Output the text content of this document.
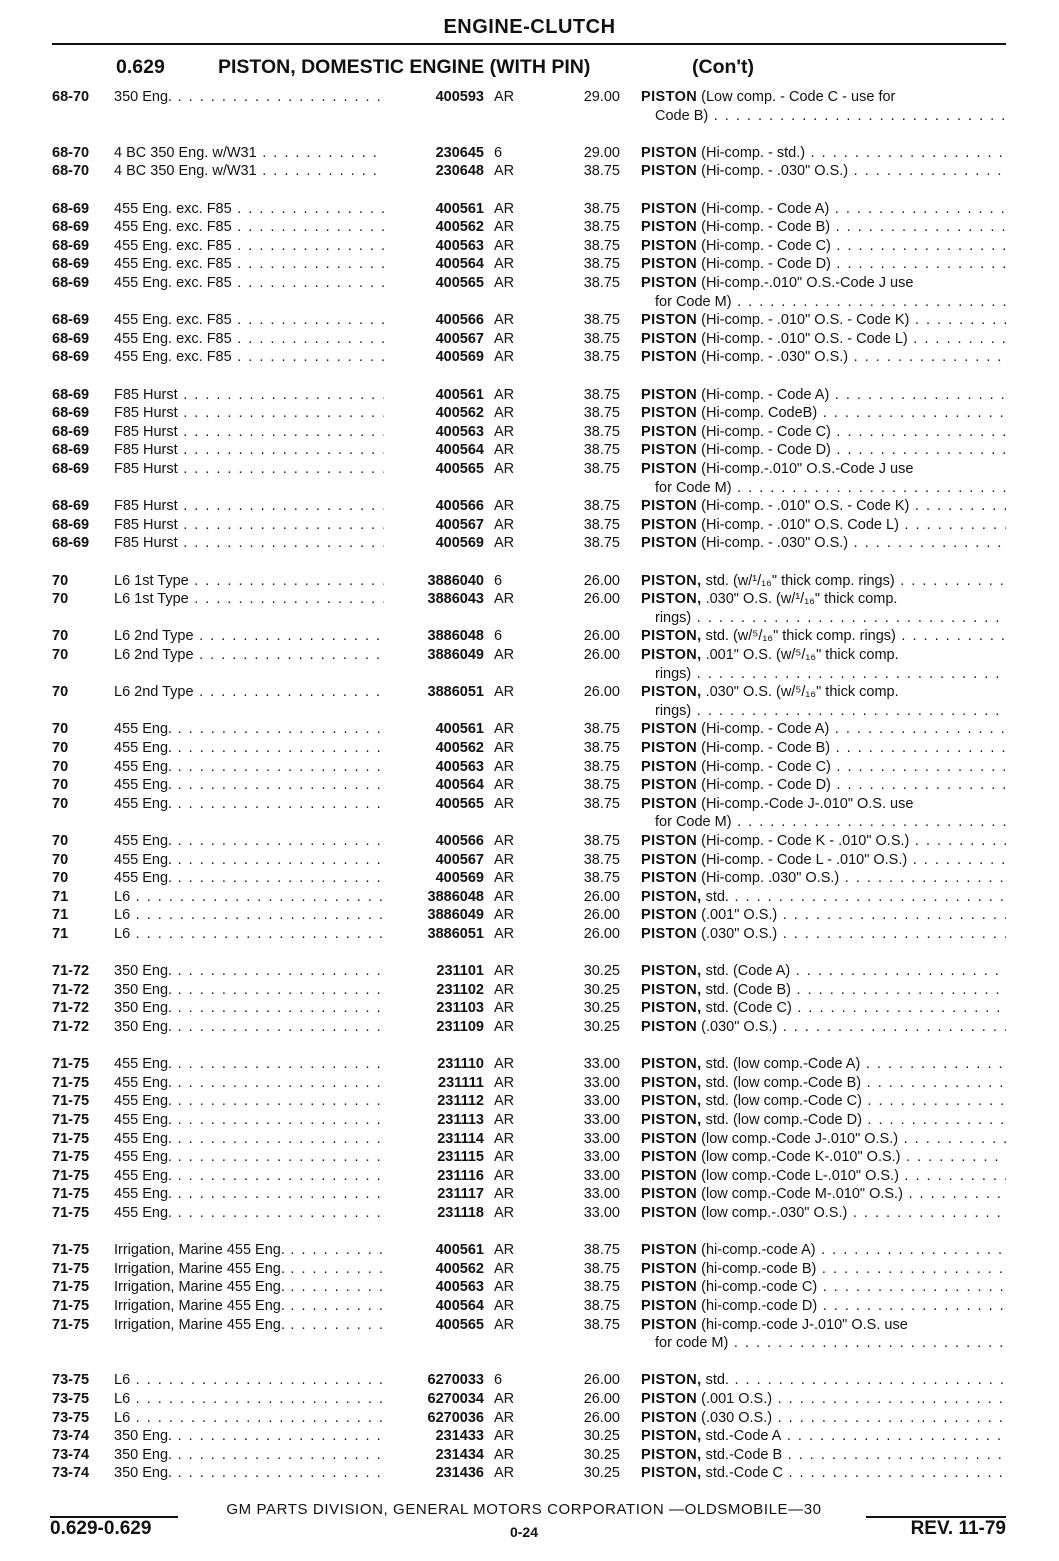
ENGINE-CLUTCH
0.629	PISTON, DOMESTIC ENGINE (WITH PIN)	(Con't)
68-70	350 Eng. . . .	400593 AR	29.00 PISTON (Low comp. - Code C - use for
Code B) . . .
68-70	4 BC 350 Eng. w/W31 . . .	230645 6	29.00 PISTON (Hi-comp. - std.) . . .
68-70	4 BC 350 Eng. w/W31 . . .	230648 AR	38.75 PISTON (Hi-comp. - .030" O.S.) . . .
68-69	455 Eng. exc. F85 . . .	400561 AR	38.75 PISTON (Hi-comp. - Code A) . . .
68-69	455 Eng. exc. F85 . . .	400562 AR	38.75 PISTON (Hi-comp. - Code B) . . .
68-69	455 Eng. exc. F85 . . .	400563 AR	38.75 PISTON (Hi-comp. - Code C) . . .
68-69	455 Eng. exc. F85 . . .	400564 AR	38.75 PISTON (Hi-comp. - Code D) . . .
68-69	455 Eng. exc. F85 . . .	400565 AR	38.75 PISTON (Hi-comp.-.010" O.S.-Code J use
for Code M) . . .
68-69	455 Eng. exc. F85 . . .	400566 AR	38.75 PISTON (Hi-comp. - .010" O.S. - Code K) . . .
68-69	455 Eng. exc. F85 . . .	400567 AR	38.75 PISTON (Hi-comp. - .010" O.S. - Code L) . . .
68-69	455 Eng. exc. F85 . . .	400569 AR	38.75 PISTON (Hi-comp. - .030" O.S.) . . .
68-69	F85 Hurst . . .	400561 AR	38.75 PISTON (Hi-comp. - Code A) . . .
68-69	F85 Hurst . . .	400562 AR	38.75 PISTON (Hi-comp. CodeB) . . .
68-69	F85 Hurst . . .	400563 AR	38.75 PISTON (Hi-comp. - Code C) . . .
68-69	F85 Hurst . . .	400564 AR	38.75 PISTON (Hi-comp. - Code D) . . .
68-69	F85 Hurst . . .	400565 AR	38.75 PISTON (Hi-comp.-.010" O.S.-Code J use
for Code M) . . .
68-69	F85 Hurst . . .	400566 AR	38.75 PISTON (Hi-comp. - .010" O.S. - Code K) . . .
68-69	F85 Hurst . . .	400567 AR	38.75 PISTON (Hi-comp. - .010" O.S. Code L) . . .
68-69	F85 Hurst . . .	400569 AR	38.75 PISTON (Hi-comp. - .030" O.S.) . . .
70	L6 1st Type . . .	3886040 6	26.00 PISTON, std. (w/¹/₁₆" thick comp. rings) . . .
70	L6 1st Type . . .	3886043 AR	26.00 PISTON, .030" O.S. (w/¹/₁₆" thick comp.
rings) . . .
70	L6 2nd Type . . .	3886048 6	26.00 PISTON, std. (w/⁵/₁₆" thick comp. rings) . . .
70	L6 2nd Type . . .	3886049 AR	26.00 PISTON, .001" O.S. (w/⁵/₁₆" thick comp.
rings) . . .
70	L6 2nd Type . . .	3886051 AR	26.00 PISTON, .030" O.S. (w/⁵/₁₆" thick comp.
rings) . . .
70	455 Eng. . . .	400561 AR	38.75 PISTON (Hi-comp. - Code A) . . .
70	455 Eng. . . .	400562 AR	38.75 PISTON (Hi-comp. - Code B) . . .
70	455 Eng. . . .	400563 AR	38.75 PISTON (Hi-comp. - Code C) . . .
70	455 Eng. . . .	400564 AR	38.75 PISTON (Hi-comp. - Code D) . . .
70	455 Eng. . . .	400565 AR	38.75 PISTON (Hi-comp.-Code J-.010" O.S. use
for Code M) . . .
70	455 Eng. . . .	400566 AR	38.75 PISTON (Hi-comp. - Code K - .010" O.S.) . . .
70	455 Eng. . . .	400567 AR	38.75 PISTON (Hi-comp. - Code L - .010" O.S.) . . .
70	455 Eng. . . .	400569 AR	38.75 PISTON (Hi-comp. .030" O.S.) . . .
71	L6 . . .	3886048 AR	26.00 PISTON, std. . . .
71	L6 . . .	3886049 AR	26.00 PISTON (.001" O.S.) . . .
71	L6 . . .	3886051 AR	26.00 PISTON (.030" O.S.) . . .
71-72	350 Eng. . . .	231101 AR	30.25 PISTON, std. (Code A) . . .
71-72	350 Eng. . . .	231102 AR	30.25 PISTON, std. (Code B) . . .
71-72	350 Eng. . . .	231103 AR	30.25 PISTON, std. (Code C) . . .
71-72	350 Eng. . . .	231109 AR	30.25 PISTON (.030" O.S.) . . .
71-75	455 Eng. . . .	231110 AR	33.00 PISTON, std. (low comp.-Code A) . . .
71-75	455 Eng. . . .	231111 AR	33.00 PISTON, std. (low comp.-Code B) . . .
71-75	455 Eng. . . .	231112 AR	33.00 PISTON, std. (low comp.-Code C) . . .
71-75	455 Eng. . . .	231113 AR	33.00 PISTON, std. (low comp.-Code D) . . .
71-75	455 Eng. . . .	231114 AR	33.00 PISTON (low comp.-Code J-.010" O.S.) . . .
71-75	455 Eng. . . .	231115 AR	33.00 PISTON (low comp.-Code K-.010" O.S.) . . .
71-75	455 Eng. . . .	231116 AR	33.00 PISTON (low comp.-Code L-.010" O.S.) . . .
71-75	455 Eng. . . .	231117 AR	33.00 PISTON (low comp.-Code M-.010" O.S.) . . .
71-75	455 Eng. . . .	231118 AR	33.00 PISTON (low comp.-.030" O.S.) . . .
71-75	Irrigation, Marine 455 Eng. . . .	400561 AR	38.75 PISTON (hi-comp.-code A) . . .
71-75	Irrigation, Marine 455 Eng. . . .	400562 AR	38.75 PISTON (hi-comp.-code B) . . .
71-75	Irrigation, Marine 455 Eng. . . .	400563 AR	38.75 PISTON (hi-comp.-code C) . . .
71-75	Irrigation, Marine 455 Eng. . . .	400564 AR	38.75 PISTON (hi-comp.-code D) . . .
71-75	Irrigation, Marine 455 Eng. . . .	400565 AR	38.75 PISTON (hi-comp.-code J-.010" O.S. use
for code M) . . .
73-75	L6 . . .	6270033 6	26.00 PISTON, std. . . .
73-75	L6 . . .	6270034 AR	26.00 PISTON (.001 O.S.) . . .
73-75	L6 . . .	6270036 AR	26.00 PISTON (.030 O.S.) . . .
73-74	350 Eng. . . .	231433 AR	30.25 PISTON, std.-Code A . . .
73-74	350 Eng. . . .	231434 AR	30.25 PISTON, std.-Code B . . .
73-74	350 Eng. . . .	231436 AR	30.25 PISTON, std.-Code C . . .
GM PARTS DIVISION, GENERAL MOTORS CORPORATION —OLDSMOBILE—30
0-24
0.629-0.629	REV. 11-79
